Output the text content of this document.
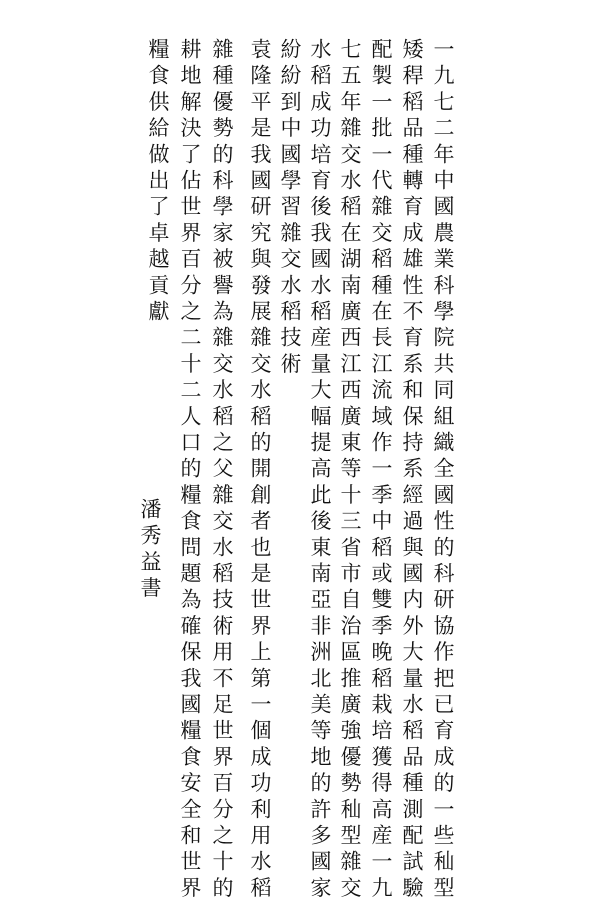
一九七二年中國農業科學院共同組織全國性的科研協作把已育成的一些秈型
矮稈稻品種轉育成雄性不育系和保持系經過與國内外大量水稻品種測配試驗
配製一批一代雜交稻種在長江流域作一季中稻或雙季晚稻栽培獲得高産一九
七五年雜交水稻在湖南廣西江西廣東等十三省市自治區推廣強優勢秈型雜交
水稻成功培育後我國水稻産量大幅提高此後東南亞非洲北美等地的許多國家
紛紛到中國學習雜交水稻技術
袁隆平是我國研究與發展雜交水稻的開創者也是世界上第一個成功利用水稻
雜種優勢的科學家被譽為雜交水稻之父雜交水稻技術用不足世界百分之十的
耕地解決了佔世界百分之二十二人口的糧食問題為確保我國糧食安全和世界
糧食供給做出了卓越貢獻
潘秀益書
